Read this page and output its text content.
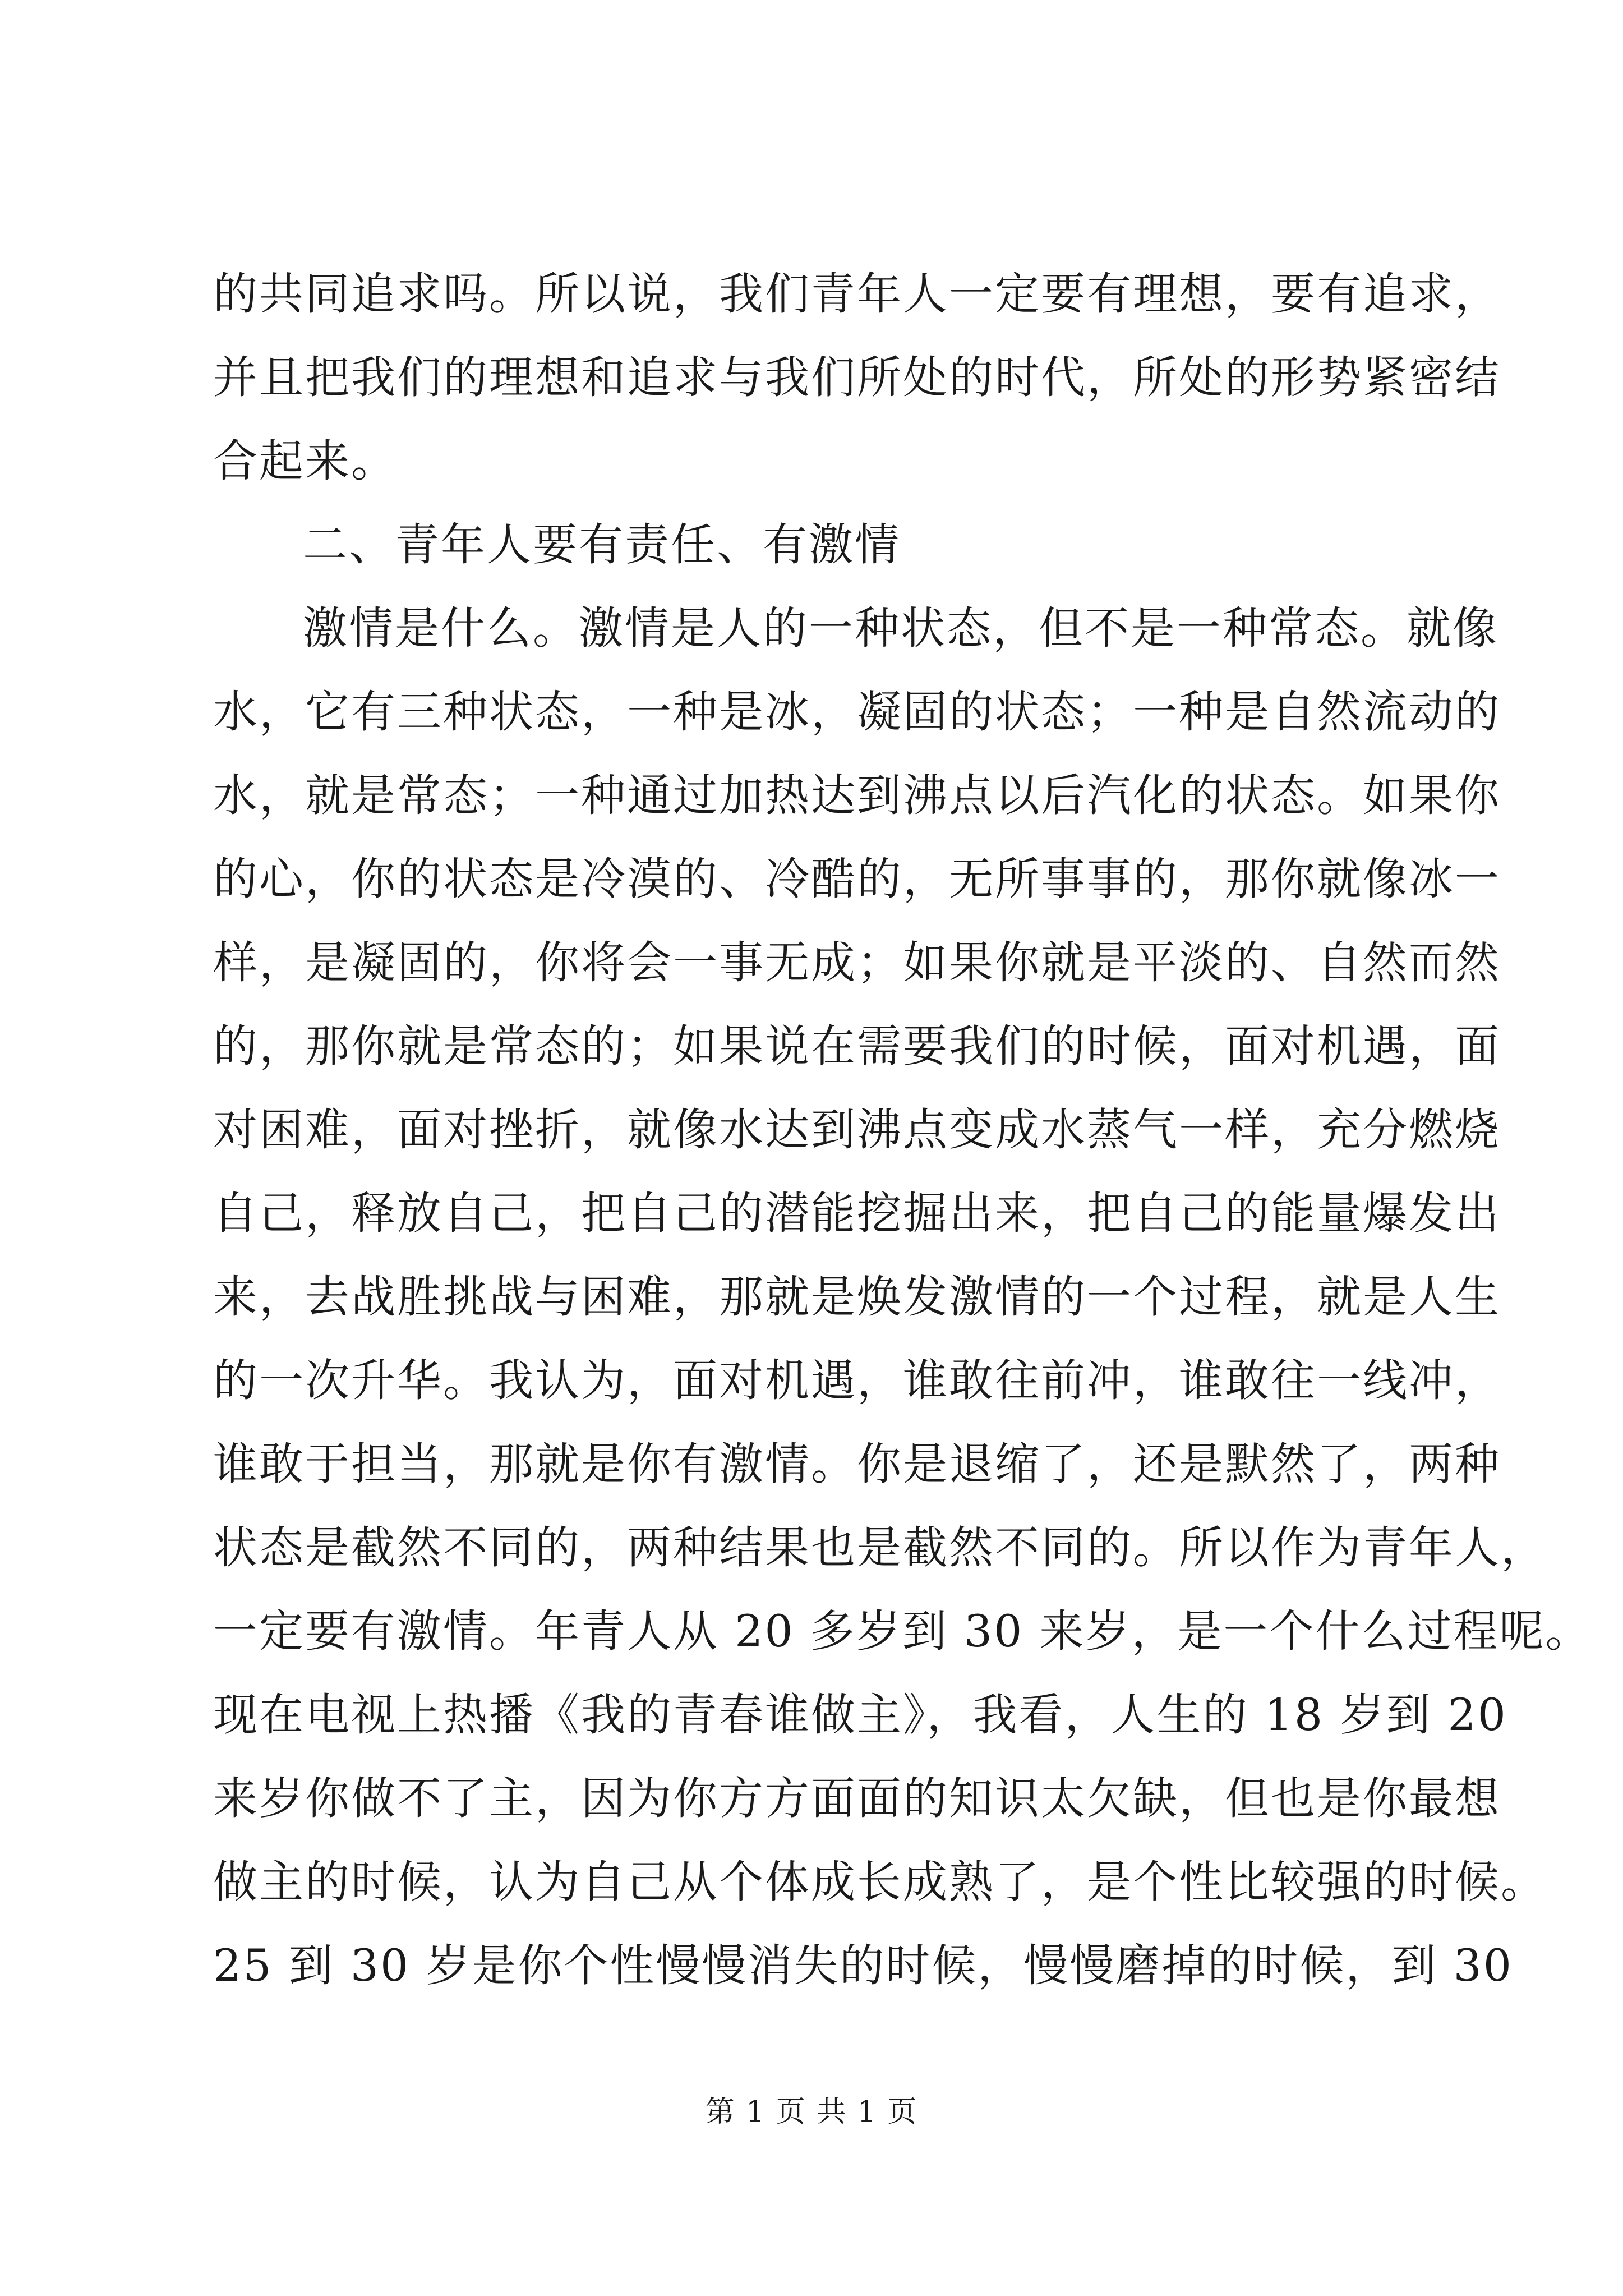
的共同追求吗。所以说，我们青年人一定要有理想，要有追求，
并且把我们的理想和追求与我们所处的时代，所处的形势紧密结
合起来。
二、青年人要有责任、有激情
激情是什么。激情是人的一种状态，但不是一种常态。就像
水，它有三种状态，一种是冰，凝固的状态；一种是自然流动的
水，就是常态；一种通过加热达到沸点以后汽化的状态。如果你
的心，你的状态是冷漠的、冷酷的，无所事事的，那你就像冰一
样，是凝固的，你将会一事无成；如果你就是平淡的、自然而然
的，那你就是常态的；如果说在需要我们的时候，面对机遇，面
对困难，面对挫折，就像水达到沸点变成水蒸气一样，充分燃烧
自己，释放自己，把自己的潜能挖掘出来，把自己的能量爆发出
来，去战胜挑战与困难，那就是焕发激情的一个过程，就是人生
的一次升华。我认为，面对机遇，谁敢往前冲，谁敢往一线冲，
谁敢于担当，那就是你有激情。你是退缩了，还是默然了，两种
状态是截然不同的，两种结果也是截然不同的。所以作为青年人，
一定要有激情。年青人从 20 多岁到 30 来岁，是一个什么过程呢。
现在电视上热播《我的青春谁做主》，我看，人生的 18 岁到 20
来岁你做不了主，因为你方方面面的知识太欠缺，但也是你最想
做主的时候，认为自己从个体成长成熟了，是个性比较强的时候。
25 到 30 岁是你个性慢慢消失的时候，慢慢磨掉的时候，到 30
第 1 页 共 1 页
